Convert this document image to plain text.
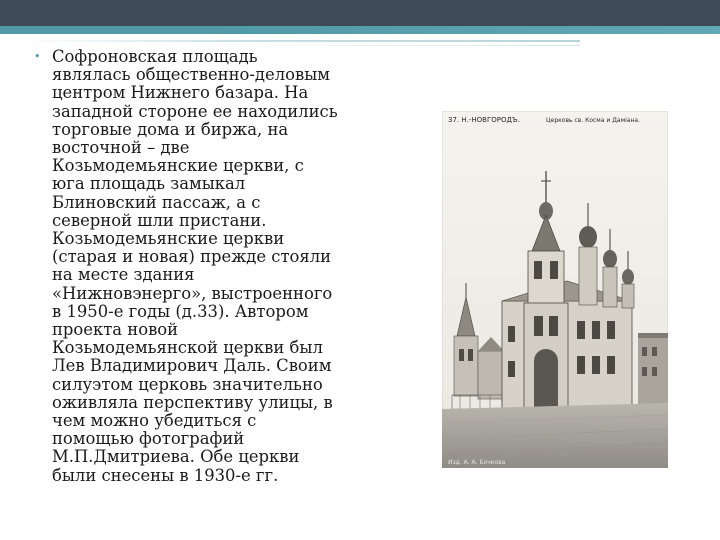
• Софроновская площадь
являлась общественно-деловым
центром Нижнего базара. На
западной стороне ее находились
торговые дома и биржа, на
восточной – две
Козьмодемьянские церкви, с
юга площадь замыкал
Блиновский пассаж, а с
северной шли пристани.
Козьмодемьянские церкви
(старая и новая) прежде стояли
на месте здания
«Нижновэнерго», выстроенного
в 1950-е годы (д.33). Автором
проекта новой
Козьмодемьянской церкви был
Лев Владимирович Даль. Своим
силуэтом церковь значительно
оживляла перспективу улицы, в
чем можно убедиться с
помощью фотографий
М.П.Дмитриева. Обе церкви
были снесены в 1930-е гг.
37. Н.-НОВГОРОДЪ.	Церковь св. Косма и Даміана.
Изд. А. А. Бочкова
